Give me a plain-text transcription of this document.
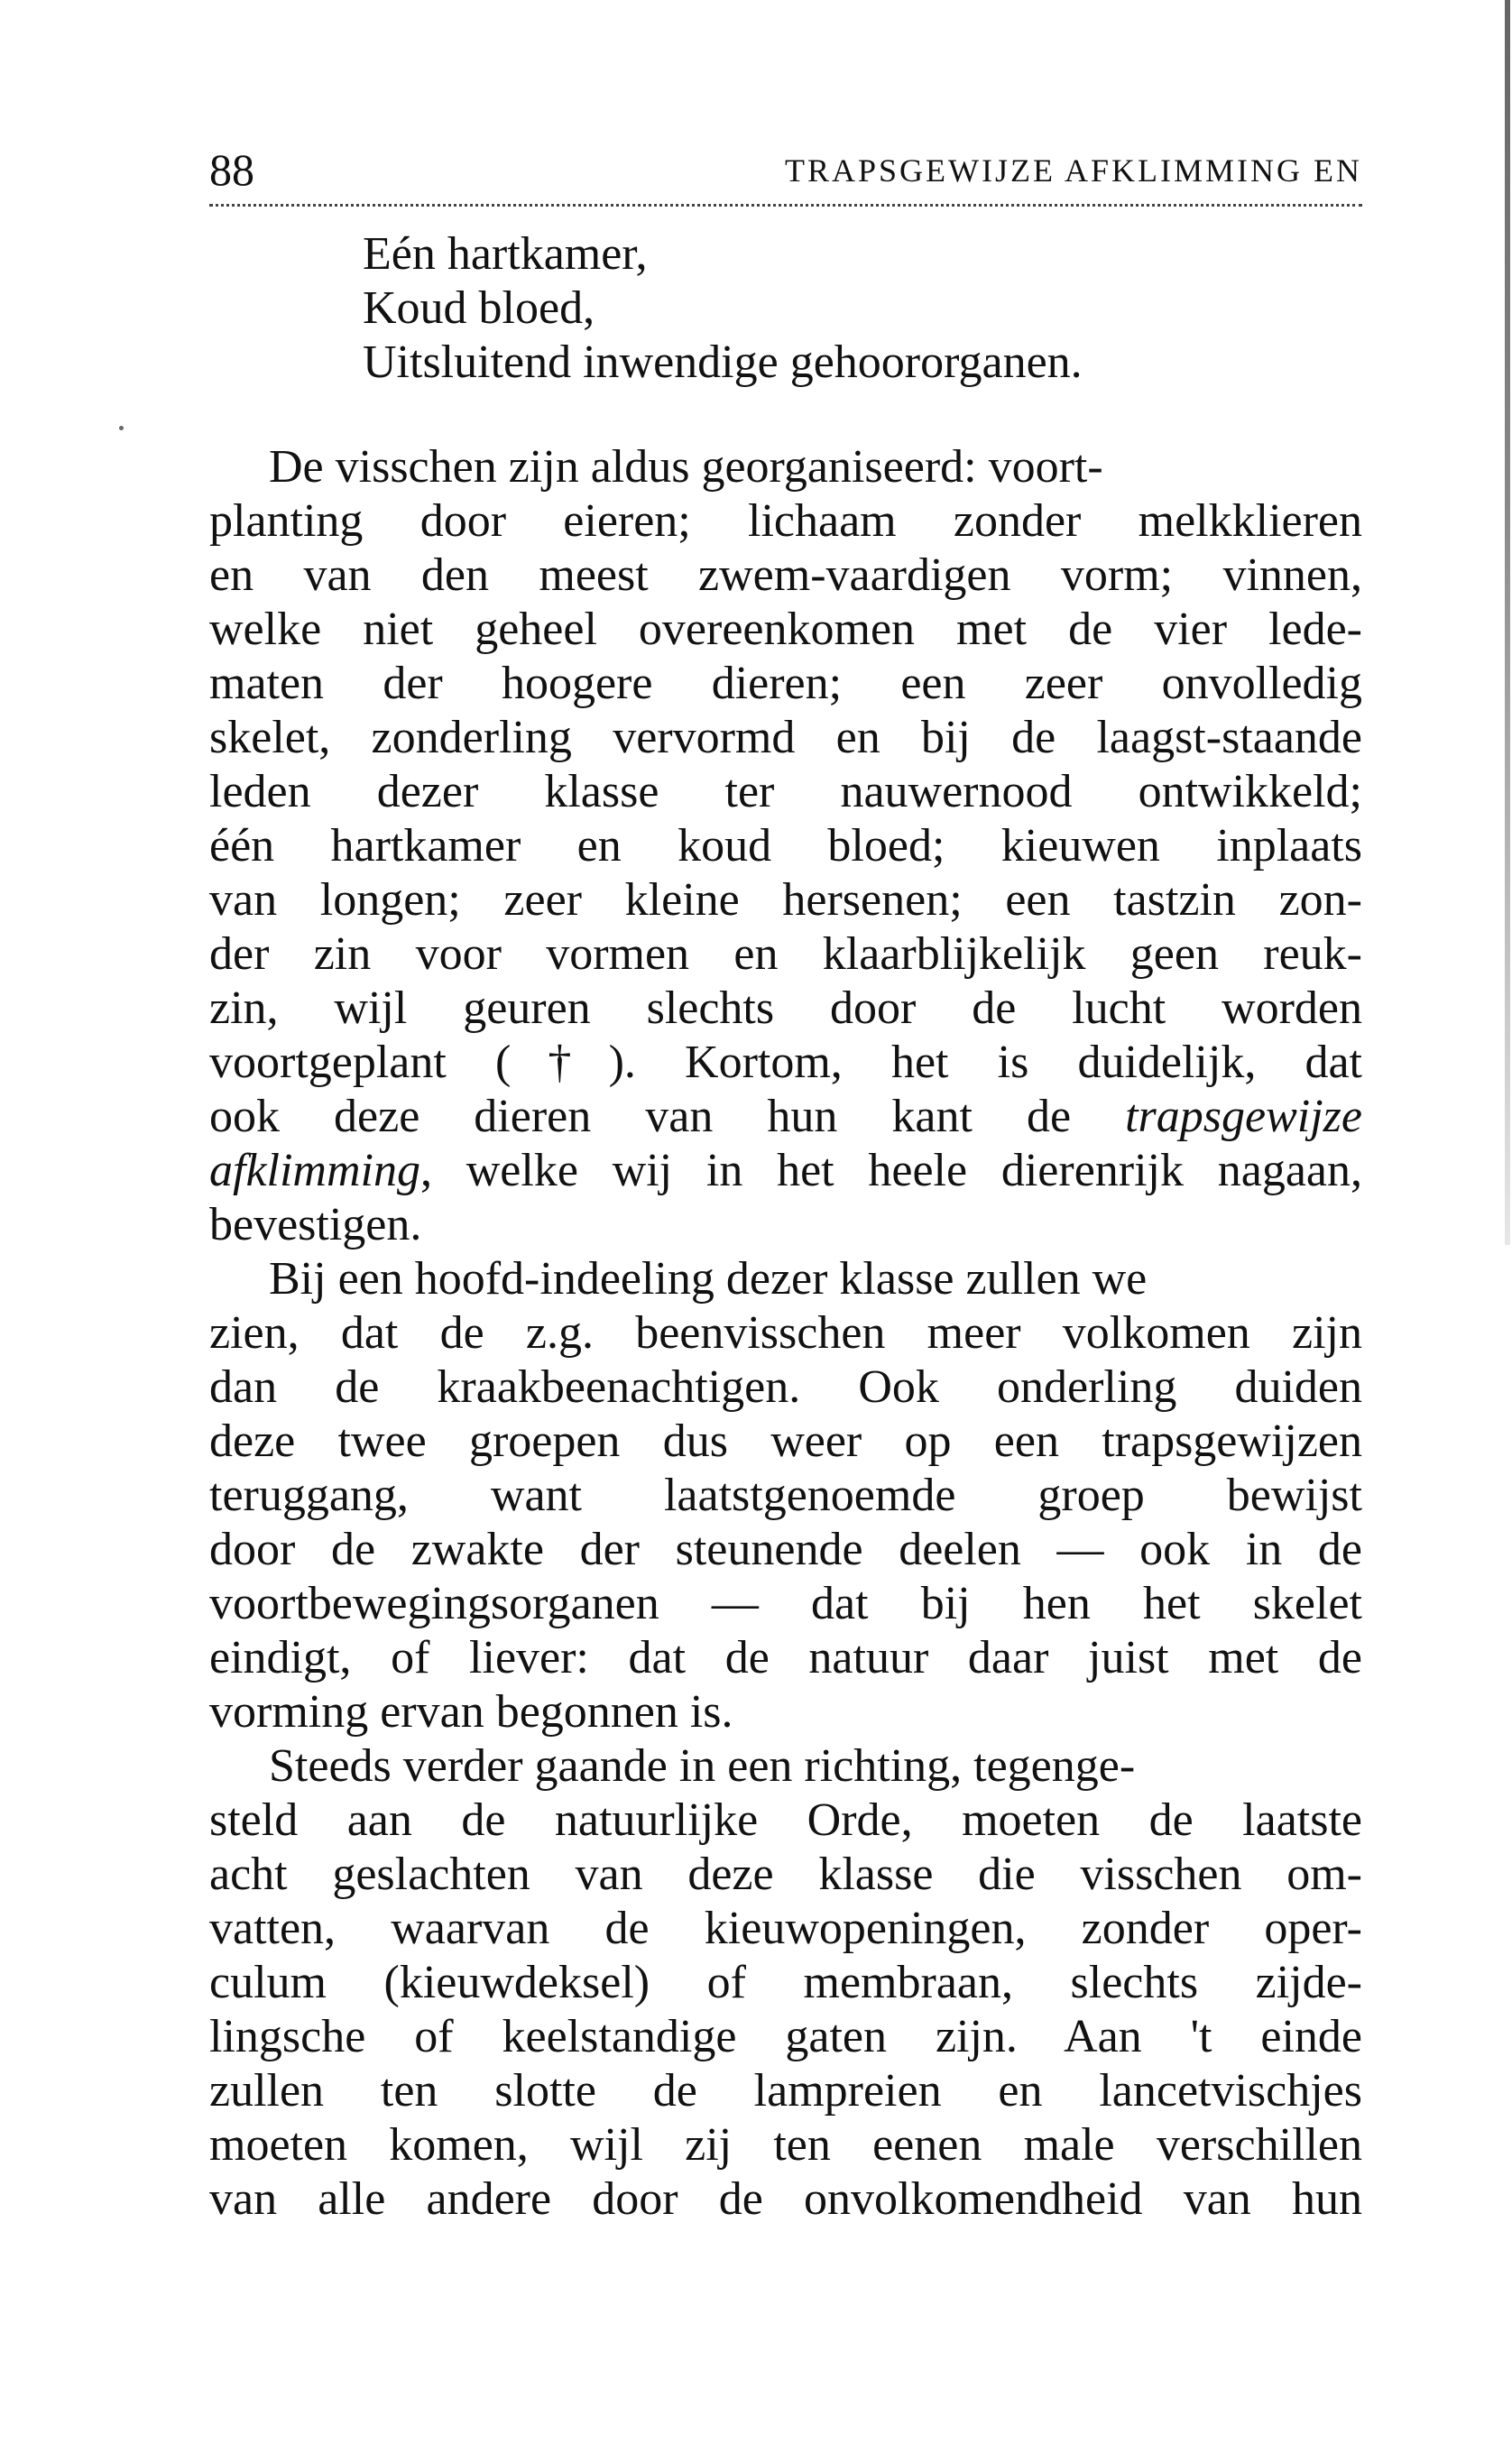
88	TRAPSGEWIJZE AFKLIMMING EN
Eén hartkamer,
Koud bloed,
Uitsluitend inwendige gehoororganen.
De visschen zijn aldus georganiseerd: voort-
planting door eieren; lichaam zonder melkklieren
en van den meest zwem-vaardigen vorm; vinnen,
welke niet geheel overeenkomen met de vier lede-
maten der hoogere dieren; een zeer onvolledig
skelet, zonderling vervormd en bij de laagst-staande
leden dezer klasse ter nauwernood ontwikkeld;
één hartkamer en koud bloed; kieuwen inplaats
van longen; zeer kleine hersenen; een tastzin zon-
der zin voor vormen en klaarblijkelijk geen reuk-
zin, wijl geuren slechts door de lucht worden
voortgeplant (†). Kortom, het is duidelijk, dat
ook deze dieren van hun kant de trapsgewijze
afklimming, welke wij in het heele dierenrijk nagaan,
bevestigen.
Bij een hoofd-indeeling dezer klasse zullen we
zien, dat de z.g. beenvisschen meer volkomen zijn
dan de kraakbeenachtigen. Ook onderling duiden
deze twee groepen dus weer op een trapsgewijzen
teruggang, want laatstgenoemde groep bewijst
door de zwakte der steunende deelen — ook in de
voortbewegingsorganen — dat bij hen het skelet
eindigt, of liever: dat de natuur daar juist met de
vorming ervan begonnen is.
Steeds verder gaande in een richting, tegenge-
steld aan de natuurlijke Orde, moeten de laatste
acht geslachten van deze klasse die visschen om-
vatten, waarvan de kieuwopeningen, zonder oper-
culum (kieuwdeksel) of membraan, slechts zijde-
lingsche of keelstandige gaten zijn. Aan 't einde
zullen ten slotte de lampreien en lancetvischjes
moeten komen, wijl zij ten eenen male verschillen
van alle andere door de onvolkomendheid van hun
